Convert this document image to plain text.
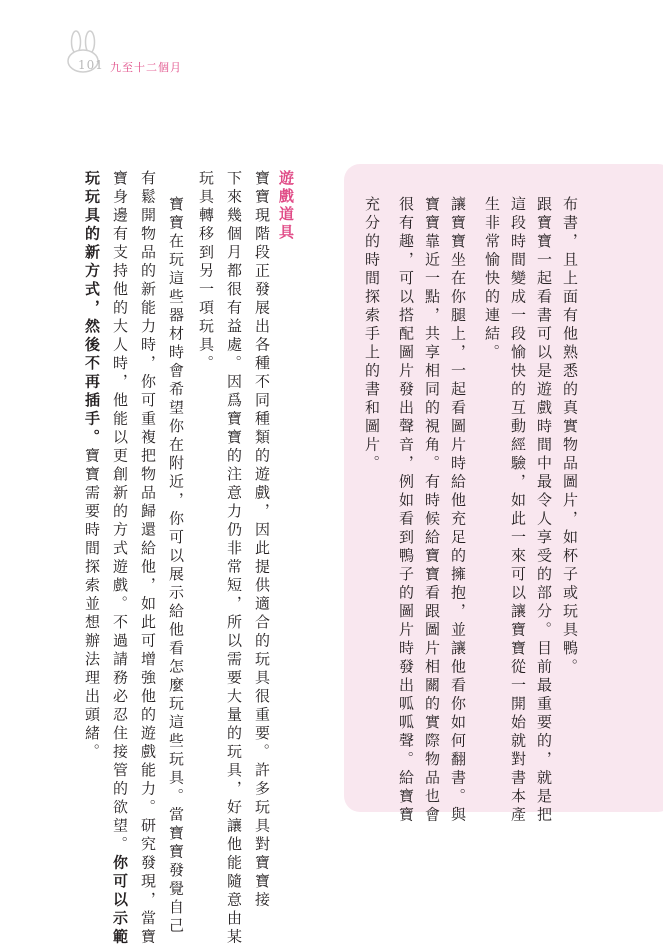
101 九至十二個月
布書，且上面有他熟悉的真實物品圖片，如杯子或玩具鴨。
跟寶寶一起看書可以是遊戲時間中最令人享受的部分。目前最重要的，就是把
這段時間變成一段愉快的互動經驗，如此一來可以讓寶寶從一開始就對書本產
生非常愉快的連結。
讓寶寶坐在你腿上，一起看圖片時給他充足的擁抱，並讓他看你如何翻書。與
寶寶靠近一點，共享相同的視角。有時候給寶寶看跟圖片相關的實際物品也會
很有趣，可以搭配圖片發出聲音，例如看到鴨子的圖片時發出呱呱聲。給寶寶
充分的時間探索手上的書和圖片。
遊戲道具
寶寶現階段正發展出各種不同種類的遊戲，因此提供適合的玩具很重要。許多玩具對寶寶接
下來幾個月都很有益處。因爲寶寶的注意力仍非常短，所以需要大量的玩具，好讓他能隨意由某
玩具轉移到另一項玩具。
寶寶在玩這些器材時會希望你在附近，你可以展示給他看怎麼玩這些玩具。當寶寶發覺自己
有鬆開物品的新能力時，你可重複把物品歸還給他，如此可增強他的遊戲能力。研究發現，當寶
寶身邊有支持他的大人時，他能以更創新的方式遊戲。不過請務必忍住接管的欲望。你可以示範
玩玩具的新方式，然後不再插手。寶寶需要時間探索並想辦法理出頭緒。
